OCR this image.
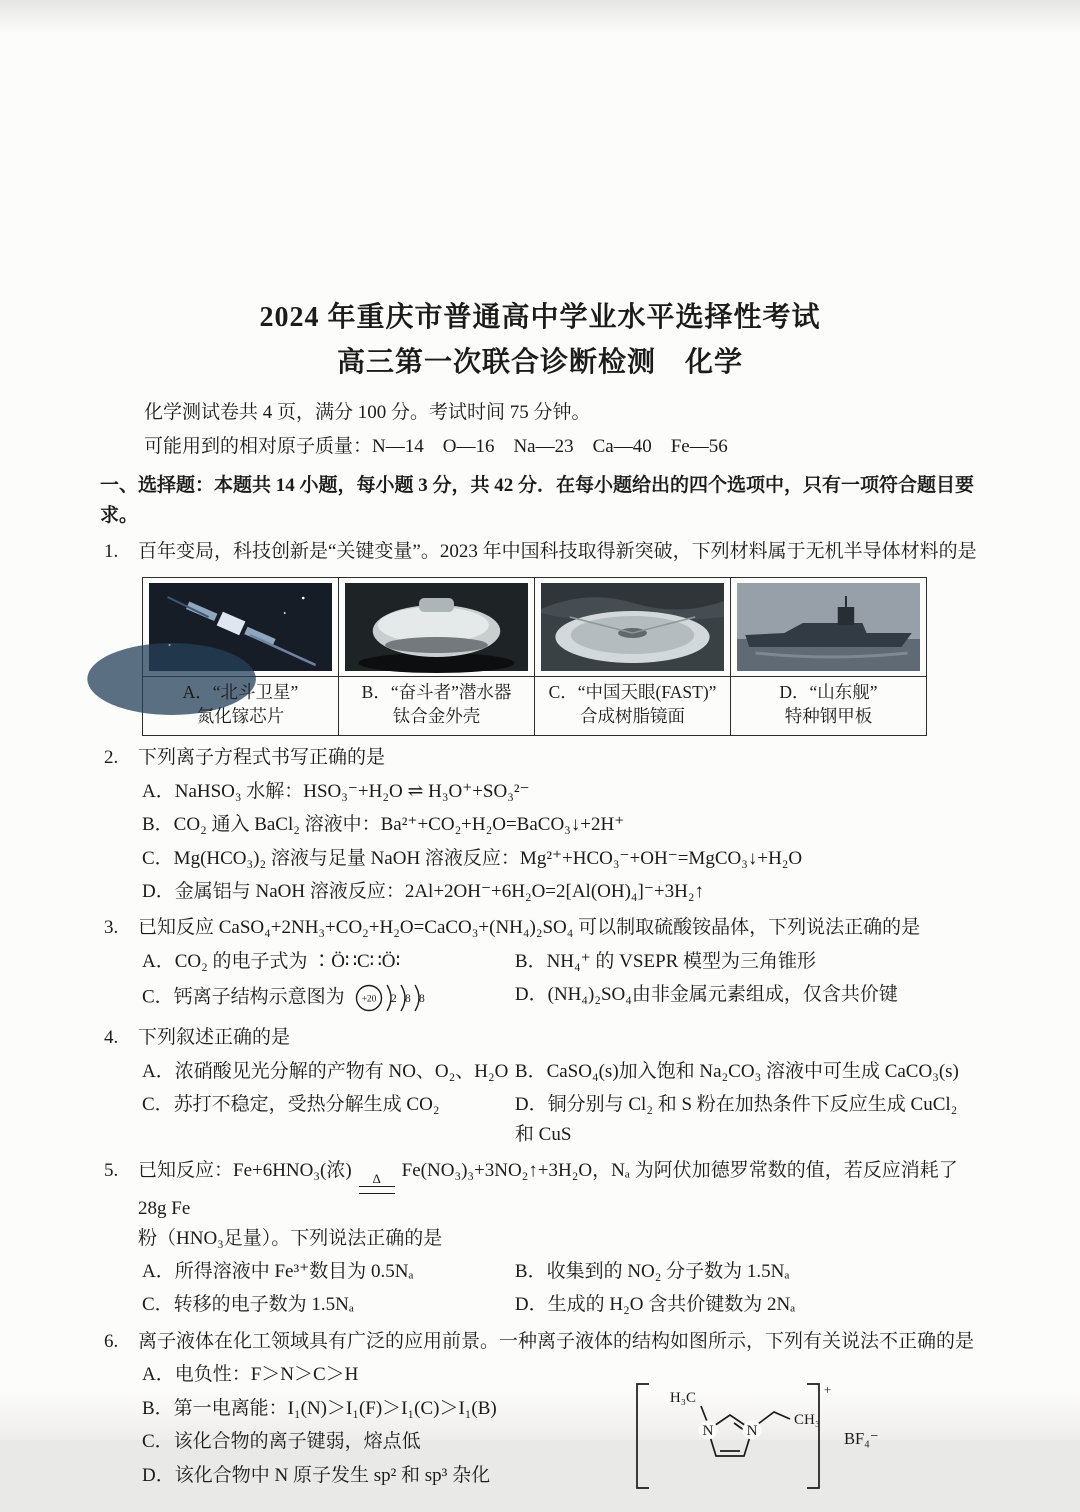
2024 年重庆市普通高中学业水平选择性考试
高三第一次联合诊断检测　化学
化学测试卷共 4 页，满分 100 分。考试时间 75 分钟。
可能用到的相对原子质量：N—14　O—16　Na—23　Ca—40　Fe—56
一、选择题：本题共 14 小题，每小题 3 分，共 42 分．在每小题给出的四个选项中，只有一项符合题目要求。
1.	百年变局，科技创新是“关键变量”。2023 年中国科技取得新突破，下列材料属于无机半导体材料的是

A．“北斗卫星”
氮化镓芯片

B．“奋斗者”潜水器
钛合金外壳

C．“中国天眼(FAST)”
合成树脂镜面

D．“山东舰”
特种钢甲板
2.	下列离子方程式书写正确的是
A．NaHSO₃ 水解：HSO₃⁻+H₂O ⇌ H₃O⁺+SO₃²⁻
B．CO₂ 通入 BaCl₂ 溶液中：Ba²⁺+CO₂+H₂O=BaCO₃↓+2H⁺
C．Mg(HCO₃)₂ 溶液与足量 NaOH 溶液反应：Mg²⁺+HCO₃⁻+OH⁻=MgCO₃↓+H₂O
D．金属铝与 NaOH 溶液反应：2Al+2OH⁻+6H₂O=2[Al(OH)₄]⁻+3H₂↑
3.	已知反应 CaSO₄+2NH₃+CO₂+H₂O=CaCO₃+(NH₄)₂SO₄ 可以制取硫酸铵晶体，下列说法正确的是
A．CO₂ 的电子式为 ∶Ö∷C∷Ö∶	B．NH₄⁺ 的 VSEPR 模型为三角锥形
C．钙离子结构示意图为 +20 2 8 8	D．(NH₄)₂SO₄由非金属元素组成，仅含共价键
4.	下列叙述正确的是
A．浓硝酸见光分解的产物有 NO、O₂、H₂O B．CaSO₄(s)加入饱和 Na₂CO₃ 溶液中可生成 CaCO₃(s)
C．苏打不稳定，受热分解生成 CO₂	D．铜分别与 Cl₂ 和 S 粉在加热条件下反应生成 CuCl₂ 和 CuS
5.	已知反应：Fe+6HNO₃(浓) Δ Fe(NO₃)₃+3NO₂↑+3H₂O，Nₐ 为阿伏加德罗常数的值，若反应消耗了 28g Fe
粉（HNO₃足量）。下列说法正确的是
A．所得溶液中 Fe³⁺数目为 0.5Nₐ	B．收集到的 NO₂ 分子数为 1.5Nₐ
C．转移的电子数为 1.5Nₐ	D．生成的 H₂O 含共价键数为 2Nₐ
6.	离子液体在化工领域具有广泛的应用前景。一种离子液体的结构如图所示，下列有关说法不正确的是
A．电负性：F＞N＞C＞H
B．第一电离能：I₁(N)＞I₁(F)＞I₁(C)＞I₁(B)
C．该化合物的离子键弱，熔点低
D．该化合物中 N 原子发生 sp² 和 sp³ 杂化
N N
H₃C
CH₃
+
BF₄⁻
